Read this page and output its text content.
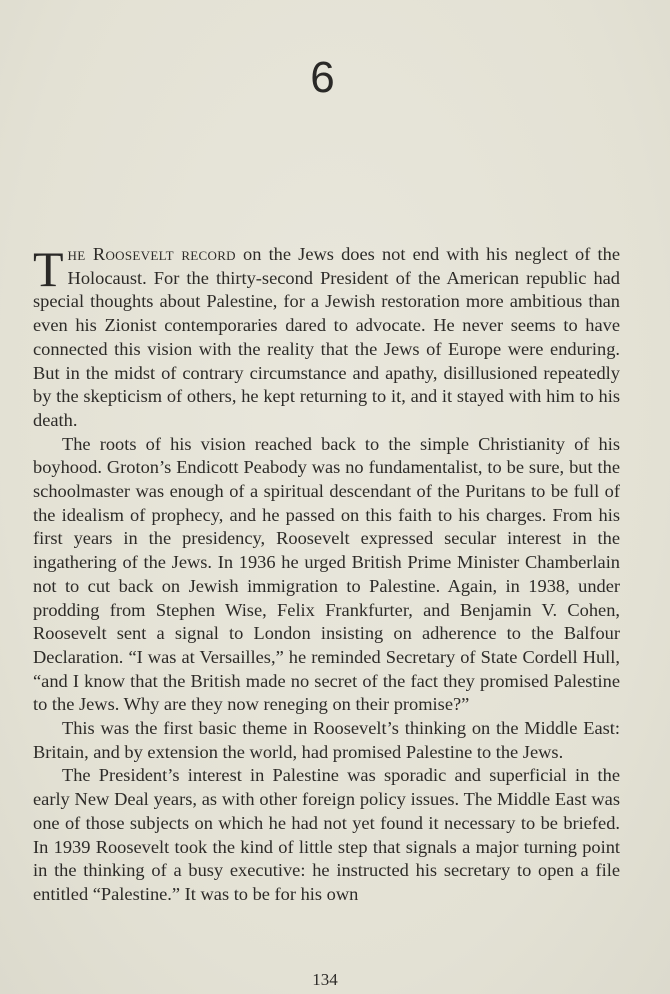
6

The Roosevelt record on the Jews does not end with his neglect of the Holocaust. For the thirty-second President of the American republic had special thoughts about Palestine, for a Jewish restoration more ambitious than even his Zionist contemporaries dared to advocate. He never seems to have connected this vision with the reality that the Jews of Europe were enduring. But in the midst of contrary circumstance and apathy, disillusioned repeatedly by the skepticism of others, he kept returning to it, and it stayed with him to his death.

The roots of his vision reached back to the simple Christianity of his boyhood. Groton’s Endicott Peabody was no fundamentalist, to be sure, but the schoolmaster was enough of a spiritual descendant of the Puritans to be full of the idealism of prophecy, and he passed on this faith to his charges. From his first years in the presidency, Roosevelt expressed secular interest in the ingathering of the Jews. In 1936 he urged British Prime Minister Chamberlain not to cut back on Jewish immigration to Palestine. Again, in 1938, under prodding from Stephen Wise, Felix Frankfurter, and Benjamin V. Cohen, Roosevelt sent a signal to London insisting on adherence to the Balfour Declaration. “I was at Versailles,” he reminded Secretary of State Cordell Hull, “and I know that the British made no secret of the fact they promised Palestine to the Jews. Why are they now reneging on their promise?”

This was the first basic theme in Roosevelt’s thinking on the Middle East: Britain, and by extension the world, had promised Palestine to the Jews.

The President’s interest in Palestine was sporadic and superficial in the early New Deal years, as with other foreign policy issues. The Middle East was one of those subjects on which he had not yet found it necessary to be briefed. In 1939 Roosevelt took the kind of little step that signals a major turning point in the thinking of a busy executive: he instructed his secretary to open a file entitled “Palestine.” It was to be for his own

134
